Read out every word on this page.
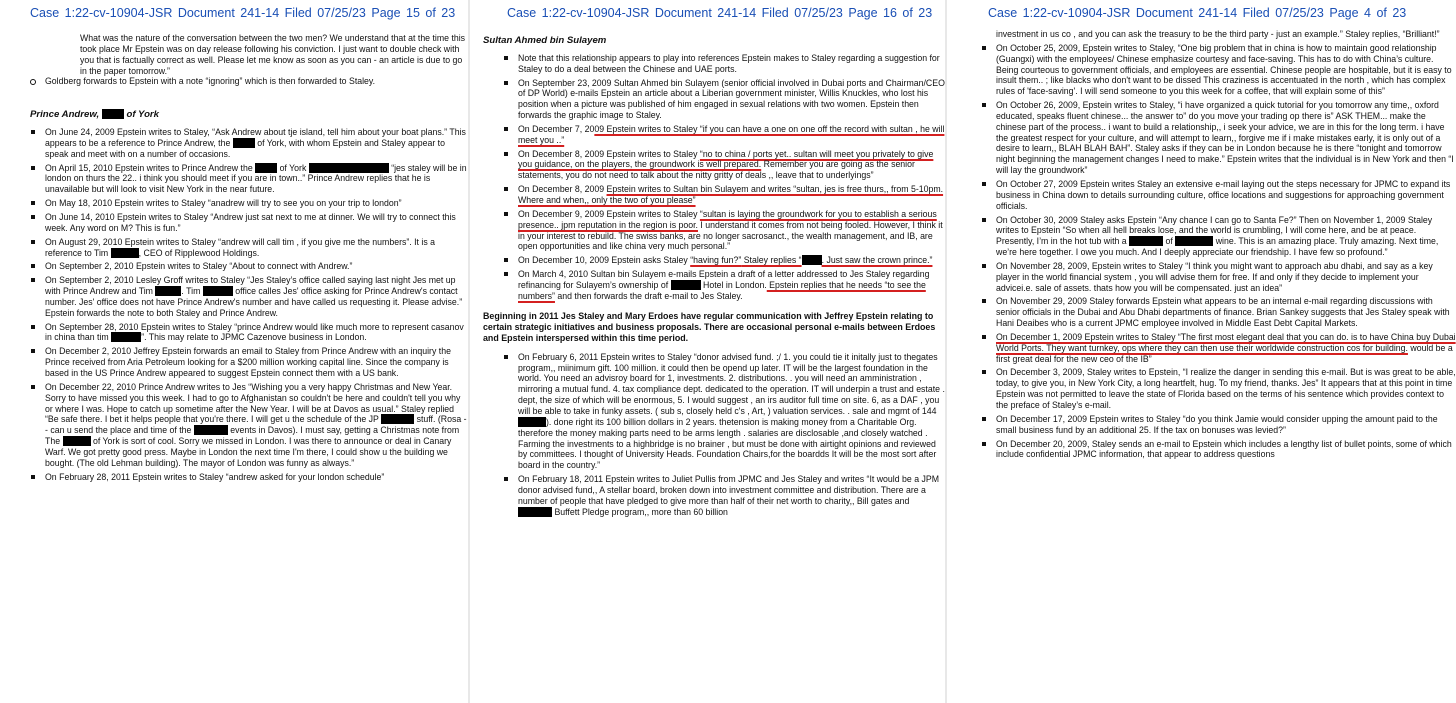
Case 1:22-cv-10904-JSR Document 241-14 Filed 07/25/23 Page 15 of 23

What was the nature of the conversation between the two men? We understand that at the time this took place Mr Epstein was on day release following his conviction. I just want to double check with you that is factually correct as well. Please let me know as soon as you can - an article is due to go in the paper tomorrow.”

Goldberg forwards to Epstein with a note “ignoring” which is then forwarded to Staley.
Prince Andrew,	of York
On June 24, 2009 Epstein writes to Staley, “Ask Andrew about tje island, tell him about your boat plans.” This appears to be a reference to Prince Andrew, the	of York, with whom Epstein and Staley appear to speak and meet with on a number of occasions.
On April 15, 2010 Epstein writes to Prince Andrew the	of York	“jes staley will be in london on thurs the 22.. i think you should meet if you are in town..” Prince Andrew replies that he is unavailable but will look to visit New York in the near future.
On May 18, 2010 Epstein writes to Staley “anadrew will try to see you on your trip to london”
On June 14, 2010 Epstein writes to Staley “Andrew just sat next to me at dinner. We will try to connect this week. Any word on M? This is fun.”
On August 29, 2010 Epstein writes to Staley “andrew will call tim , if you give me the numbers”. It is a reference to Tim	, CEO of Ripplewood Holdings.
On September 2, 2010 Epstein writes to Staley “About to connect with Andrew.”
On September 2, 2010 Lesley Groff writes to Staley “Jes Staley’s office called saying last night Jes met up with Prince Andrew and Tim	. Tim	office calles Jes' office asking for Prince Andrew's contact number. Jes' office does not have Prince Andrew's number and have called us requesting it. Please advise.” Epstein forwards the note to both Staley and Prince Andrew.
On September 28, 2010 Epstein writes to Staley “prince Andrew would like much more to represent casanov in china than tim	”. This may relate to JPMC Cazenove business in London.
On December 2, 2010 Jeffrey Epstein forwards an email to Staley from Prince Andrew with an inquiry the Prince received from Aria Petroleum looking for a $200 million working capital line. Since the company is based in the US Prince Andrew appeared to suggest Epstein connect them with a US bank.
On December 22, 2010 Prince Andrew writes to Jes “Wishing you a very happy Christmas and New Year. Sorry to have missed you this week. I had to go to Afghanistan so couldn't be here and couldn't tell you why or where I was. Hope to catch up sometime after the New Year. I will be at Davos as usual.” Staley replied “Be safe there. I bet it helps people that you're there. I will get u the schedule of the JP	stuff. (Rosa -- can u send the place and time of the	events in Davos). I must say, getting a Christmas note from The	of York is sort of cool. Sorry we missed in London. I was there to announce or deal in Canary Warf. We got pretty good press. Maybe in London the next time I'm there, I could show u the building we bought. (The old Lehman building). The mayor of London was funny as always.”
On February 28, 2011 Epstein writes to Staley “andrew asked for your london schedule”
Case 1:22-cv-10904-JSR Document 241-14 Filed 07/25/23 Page 16 of 23
Sultan Ahmed bin Sulayem
Note that this relationship appears to play into references Epstein makes to Staley regarding a suggestion for Staley to do a deal between the Chinese and UAE ports.
On September 23, 2009 Sultan Ahmed bin Sulayem (senior official involved in Dubai ports and Chairman/CEO of DP World) e-mails Epstein an article about a Liberian government minister, Willis Knuckles, who lost his position when a picture was published of him engaged in sexual relations with two women. Epstein then forwards the graphic image to Staley.
On December 7, 2009 Epstein writes to Staley “if you can have a one on one off the record with sultan , he will meet you ..”
On December 8, 2009 Epstein writes to Staley “no to china / ports yet.. sultan will meet you privately to give you guidance, on the players, the groundwork is well prepared. Remember you are going as the senior statements, you do not need to talk about the nitty gritty of deals ,, leave that to underlyings”
On December 8, 2009 Epstein writes to Sultan bin Sulayem and writes “sultan, jes is free thurs,, from 5-10pm. Where and when,, only the two of you please”
On December 9, 2009 Epstein writes to Staley “sultan is laying the groundwork for you to establish a serious presence.. jpm reputation in the region is poor. I understand it comes from not being fooled. However, I think it in your interest to rebuild. The swiss banks, are no longer sacrosanct., the wealth management, and IB, are open opportunities and like china very much personal.”
On December 10, 2009 Epstein asks Staley “having fun?” Staley replies “ . Just saw the crown prince.”
On March 4, 2010 Sultan bin Sulayem e-mails Epstein a draft of a letter addressed to Jes Staley regarding refinancing for Sulayem’s ownership of	Hotel in London. Epstein replies that he needs “to see the numbers” and then forwards the draft e-mail to Jes Staley.

Beginning in 2011 Jes Staley and Mary Erdoes have regular communication with Jeffrey Epstein relating to certain strategic initiatives and business proposals. There are occasional personal e-mails between Erdoes and Epstein interspersed within this time period.

On February 6, 2011 Epstein writes to Staley “donor advised fund. ;/ 1. you could tie it initally just to thegates program,, miinimum gift. 100 million. it could then be opend up later. IT will be the largest foundation in the world. You need an advisroy board for 1, investments. 2. distributions. . you will need an amministration , mirroring a mutual fund. 4. tax compliance dept. dedicated to the operation. IT will underpin a trust and estate . dept, the size of which will be enormous, 5. I would suggest , an irs auditor full time on site. 6, as a DAF , you will be able to take in funky assets. ( sub s, closely held c's , Art, ) valuation services. . sale and mgmt of 144 ). done right its 100 billion dollars in 2 years. thetension is making money from a Charitable Org. therefore the money making parts need to be arms length . salaries are disclosable ,and closely watched . Farming the investments to a highbridge is no brainer , but must be done with airtight opinions and reviewed by committees. I thought of University Heads. Foundation Chairs,for the boardds It will be the most sort after board in the country.”
On February 18, 2011 Epstein writes to Juliet Pullis from JPMC and Jes Staley and writes “It would be a JPM donor advised fund,, A stellar board, broken down into investment committee and distribution. There are a number of people that have pledged to give more than half of their net worth to charity,, Bill gates and  Buffett Pledge program,, more than 60 billion
Case 1:22-cv-10904-JSR Document 241-14 Filed 07/25/23 Page 4 of 23

investment in us co , and you can ask the treasury to be the third party - just an example.” Staley replies, “Brilliant!”

On October 25, 2009, Epstein writes to Staley, “One big problem that in china is how to maintain good relationship (Guangxi) with the employees/ Chinese emphasize courtesy and face-saving. This has to do with China’s culture. Being courteous to government officials, and employees are essential. Chinese people are hospitable, but it is easy to insult them.. ; like blacks who don't want to be dissed This craziness is accentuated in the north , which has complex rules of 'face-saving'. I will send someone to you this week for a coffee, that will explain some of this”
On October 26, 2009, Epstein writes to Staley, “i have organized a quick tutorial for you tomorrow any time,, oxford educated, speaks fluent chinese... the answer to” do you move your trading op there is” ASK THEM... make the chinese part of the process.. i want to build a relationship,, i seek your advice, we are in this for the long term. i have the greatest respect for your culture, and will attempt to learn,, forgive me if i make mistakes early, it is only out of a desire to learn,, BLAH BLAH BAH”. Staley asks if they can be in London because he is there “tonight and tomorrow night beginning the management changes I need to make.” Epstein writes that the individual is in New York and then “I will lay the groundwork”
On October 27, 2009 Epstein writes Staley an extensive e-mail laying out the steps necessary for JPMC to expand its business in China down to details surrounding culture, office locations and suggestions for approaching government officials.
On October 30, 2009 Staley asks Epstein “Any chance I can go to Santa Fe?” Then on November 1, 2009 Staley writes to Epstein “So when all hell breaks lose, and the world is crumbling, I will come here, and be at peace. Presently, I’m in the hot tub with a	of	wine. This is an amazing place. Truly amazing. Next time, we’re here together. I owe you much. And I deeply appreciate our friendship. I have few so profound.”
On November 28, 2009, Epstein writes to Staley “I think you might want to approach abu dhabi, and say as a key player in the world financial system , you will advise them for free. If and only if they decide to implement your advicei.e. sale of assets. thats how you will be compensated. just an idea”
On November 29, 2009 Staley forwards Epstein what appears to be an internal e-mail regarding discussions with senior officials in the Dubai and Abu Dhabi departments of finance. Brian Sankey suggests that Jes Staley speak with Hani Deaibes who is a current JPMC employee involved in Middle East Debt Capital Markets.
On December 1, 2009 Epstein writes to Staley “The first most elegant deal that you can do. is to have China buy Dubai World Ports. They want turnkey, ops where they can then use their worldwide construction cos for building. would be a first great deal for the new ceo of the IB”
On December 3, 2009, Staley writes to Epstein, “I realize the danger in sending this e-mail. But is was great to be able, today, to give you, in New York City, a long heartfelt, hug. To my friend, thanks. Jes” It appears that at this point in time Epstein was not permitted to leave the state of Florida based on the terms of his sentence which provides context to the preface of Staley’s e-mail.
On December 17, 2009 Epstein writes to Staley “do you think Jamie would consider upping the amount paid to the small business fund by an additional 25. If the tax on bonuses was levied?”
On December 20, 2009, Staley sends an e-mail to Epstein which includes a lengthy list of bullet points, some of which include confidential JPMC information, that appear to address questions
